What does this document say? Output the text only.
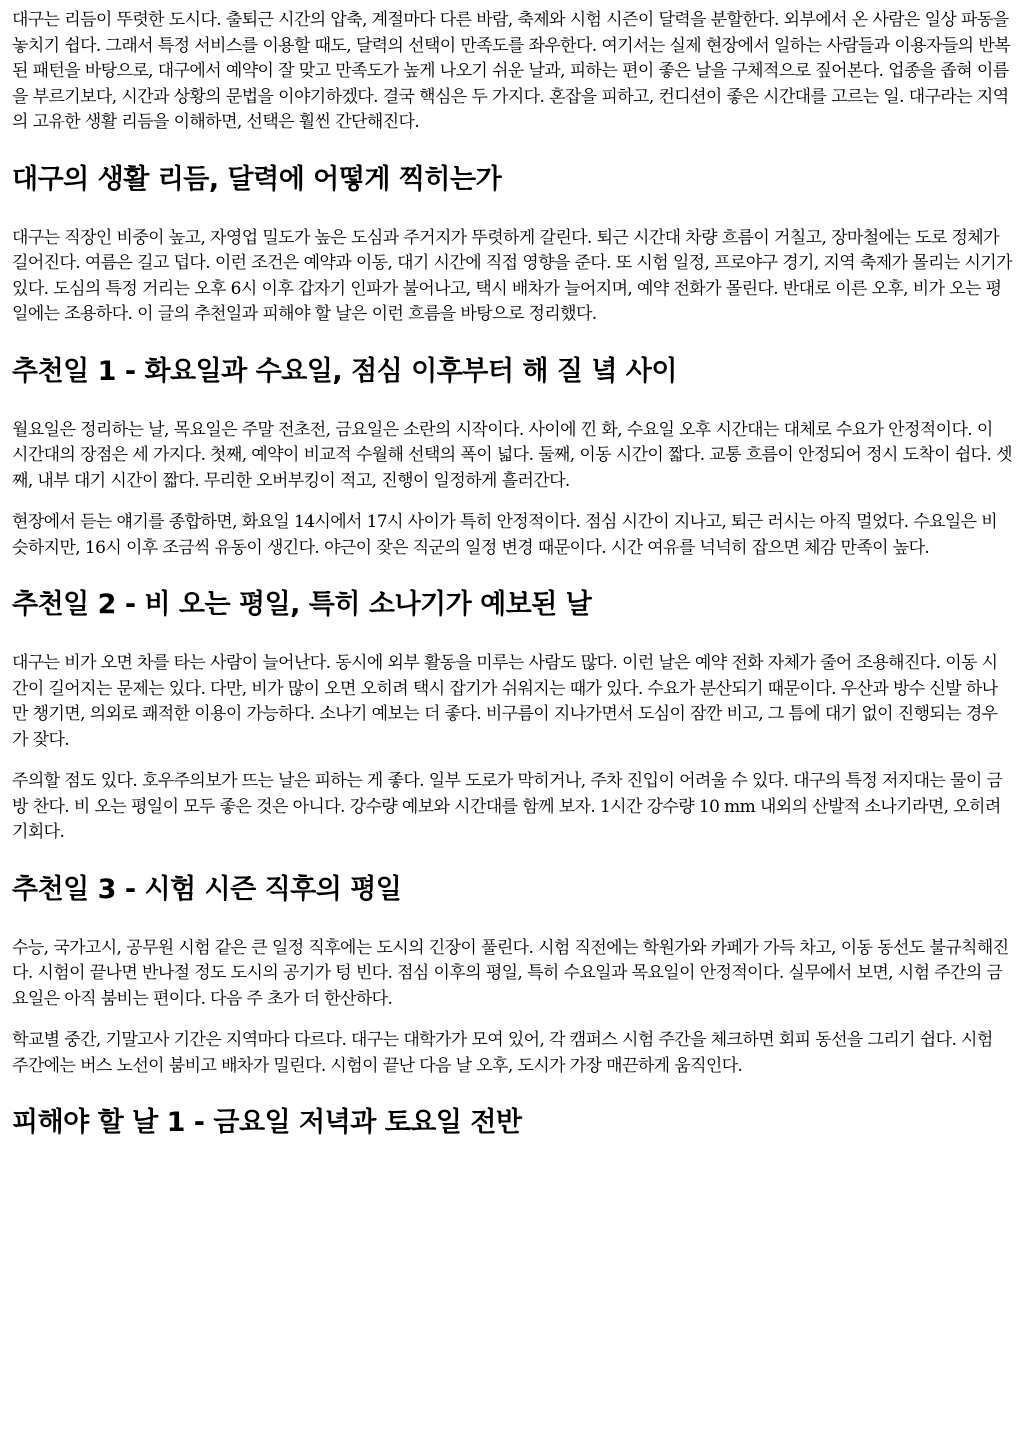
대구는 리듬이 뚜렷한 도시다. 출퇴근 시간의 압축, 계절마다 다른 바람, 축제와 시험 시즌이 달력을 분할한다. 외부에서 온 사람은 일상 파동을 놓치기 쉽다. 그래서 특정 서비스를 이용할 때도, 달력의 선택이 만족도를 좌우한다. 여기서는 실제 현장에서 일하는 사람들과 이용자들의 반복된 패턴을 바탕으로, 대구에서 예약이 잘 맞고 만족도가 높게 나오기 쉬운 날과, 피하는 편이 좋은 날을 구체적으로 짚어본다. 업종을 좁혀 이름을 부르기보다, 시간과 상황의 문법을 이야기하겠다. 결국 핵심은 두 가지다. 혼잡을 피하고, 컨디션이 좋은 시간대를 고르는 일. 대구라는 지역의 고유한 생활 리듬을 이해하면, 선택은 훨씬 간단해진다.

대구의 생활 리듬, 달력에 어떻게 찍히는가

대구는 직장인 비중이 높고, 자영업 밀도가 높은 도심과 주거지가 뚜렷하게 갈린다. 퇴근 시간대 차량 흐름이 거칠고, 장마철에는 도로 정체가 길어진다. 여름은 길고 덥다. 이런 조건은 예약과 이동, 대기 시간에 직접 영향을 준다. 또 시험 일정, 프로야구 경기, 지역 축제가 몰리는 시기가 있다. 도심의 특정 거리는 오후 6시 이후 갑자기 인파가 불어나고, 택시 배차가 늘어지며, 예약 전화가 몰린다. 반대로 이른 오후, 비가 오는 평일에는 조용하다. 이 글의 추천일과 피해야 할 날은 이런 흐름을 바탕으로 정리했다.

추천일 1 - 화요일과 수요일, 점심 이후부터 해 질 녘 사이

월요일은 정리하는 날, 목요일은 주말 전초전, 금요일은 소란의 시작이다. 사이에 낀 화, 수요일 오후 시간대는 대체로 수요가 안정적이다. 이 시간대의 장점은 세 가지다. 첫째, 예약이 비교적 수월해 선택의 폭이 넓다. 둘째, 이동 시간이 짧다. 교통 흐름이 안정되어 정시 도착이 쉽다. 셋째, 내부 대기 시간이 짧다. 무리한 오버부킹이 적고, 진행이 일정하게 흘러간다.

현장에서 듣는 얘기를 종합하면, 화요일 14시에서 17시 사이가 특히 안정적이다. 점심 시간이 지나고, 퇴근 러시는 아직 멀었다. 수요일은 비슷하지만, 16시 이후 조금씩 유동이 생긴다. 야근이 잦은 직군의 일정 변경 때문이다. 시간 여유를 넉넉히 잡으면 체감 만족이 높다.

추천일 2 - 비 오는 평일, 특히 소나기가 예보된 날

대구는 비가 오면 차를 타는 사람이 늘어난다. 동시에 외부 활동을 미루는 사람도 많다. 이런 날은 예약 전화 자체가 줄어 조용해진다. 이동 시간이 길어지는 문제는 있다. 다만, 비가 많이 오면 오히려 택시 잡기가 쉬워지는 때가 있다. 수요가 분산되기 때문이다. 우산과 방수 신발 하나만 챙기면, 의외로 쾌적한 이용이 가능하다. 소나기 예보는 더 좋다. 비구름이 지나가면서 도심이 잠깐 비고, 그 틈에 대기 없이 진행되는 경우가 잦다.

주의할 점도 있다. 호우주의보가 뜨는 날은 피하는 게 좋다. 일부 도로가 막히거나, 주차 진입이 어려울 수 있다. 대구의 특정 저지대는 물이 금방 찬다. 비 오는 평일이 모두 좋은 것은 아니다. 강수량 예보와 시간대를 함께 보자. 1시간 강수량 10 mm 내외의 산발적 소나기라면, 오히려 기회다.

추천일 3 - 시험 시즌 직후의 평일

수능, 국가고시, 공무원 시험 같은 큰 일정 직후에는 도시의 긴장이 풀린다. 시험 직전에는 학원가와 카페가 가득 차고, 이동 동선도 불규칙해진다. 시험이 끝나면 반나절 정도 도시의 공기가 텅 빈다. 점심 이후의 평일, 특히 수요일과 목요일이 안정적이다. 실무에서 보면, 시험 주간의 금요일은 아직 붐비는 편이다. 다음 주 초가 더 한산하다.

학교별 중간, 기말고사 기간은 지역마다 다르다. 대구는 대학가가 모여 있어, 각 캠퍼스 시험 주간을 체크하면 회피 동선을 그리기 쉽다. 시험 주간에는 버스 노선이 붐비고 배차가 밀린다. 시험이 끝난 다음 날 오후, 도시가 가장 매끈하게 움직인다.

피해야 할 날 1 - 금요일 저녁과 토요일 전반
